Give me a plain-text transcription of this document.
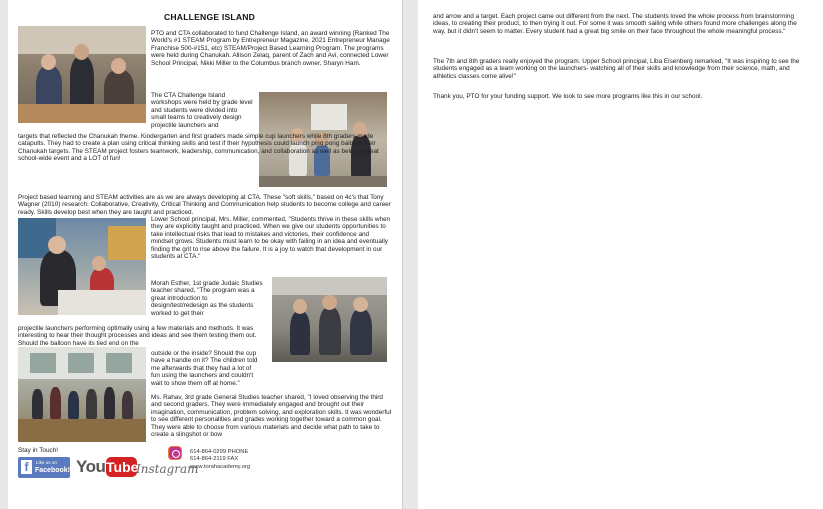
CHALLENGE ISLAND
PTO and CTA collaborated to fund Challenge Island, an award winning (Ranked The World's #1 STEAM Program by Entrepreneur Magazine, 2021 Entrepreneur Manage Franchise 500-#151, etc) STEAM/Project Based Learning Program. The programs were held during Chanukah. Allison Zelaq, parent of Zach and Avi, connected Lower School Principal, Nikki Miller to the Columbus branch owner, Sharyn Ham.
The CTA Challenge Island workshops were held by grade level and students were divided into small teams to creatively design projectile launchers and
targets that reflected the Chanukah theme. Kindergarten and first graders made simple cup launchers while 8th graders made catapults. They had to create a plan using critical thinking skills and test if their hypothesis could launch ping pong balls at their Chanukah targets. The STEAM project fosters teamwork, leadership, communication, and collaboration as well as being a great school-wide event and a LOT of fun!
Project based learning and STEAM activities are as we are always developing at CTA. These "soft skills," based on 4c's that Tony Wagner (2010) research: Collaborative, Creativity, Critical Thinking and Communication help students to become college and career ready. Skills develop best when they are taught and practiced.
Lower School principal, Mrs. Miller, commented, "Students thrive in these skills when they are explicitly taught and practiced. When we give our students opportunities to take intellectual risks that lead to mistakes and victories, their confidence and mindset grows. Students must learn to be okay with failing in an idea and eventually finding the grit to rise above the failure. It is a joy to watch that development in our students at CTA."
Morah Esther, 1st grade Judaic Studies teacher shared, "The program was a great introduction to design/test/redesign as the students worked to get their
projectile launchers performing optimally using a few materials and methods. It was interesting to hear their thought processes and ideas and see them testing them out. Should the balloon have its tied end on the
outside or the inside? Should the cup have a handle on it? The children told me afterwards that they had a lot of fun using the launchers and couldn't wait to show them off at home."
Ms. Rahav, 3rd grade General Studies teacher shared, "I loved observing the third and second graders. They were immediately engaged and brought out their imagination, communication, problem solving, and exploration skills. It was wonderful to see different personalities and grades working together toward a common goal. They were able to choose from various materials and decide what path to take to create a slingshot or bow
Stay in Touch!
f	Like us on
Facebook! You Tube
Instagram
614-864-0299 PHONE
614-864-2119 FAX
www.torahacademy.org
and arrow and a target. Each project came out different from the next. The students loved the whole process from brainstorming ideas, to creating their product, to then trying it out. For some it was smooth sailing while others found more challenges along the way, but it didn't seem to matter. Every student had a great big smile on their face throughout the whole meaningful process."
The 7th and 8th graders really enjoyed the program. Upper School principal, Liba Eisenberg remarked, "It was inspiring to see the students engaged as a team working on the launchers- watching all of their skills and knowledge from their science, math, and athletics classes come alive!"
Thank you, PTO for your funding support. We look to see more programs like this in our school.
